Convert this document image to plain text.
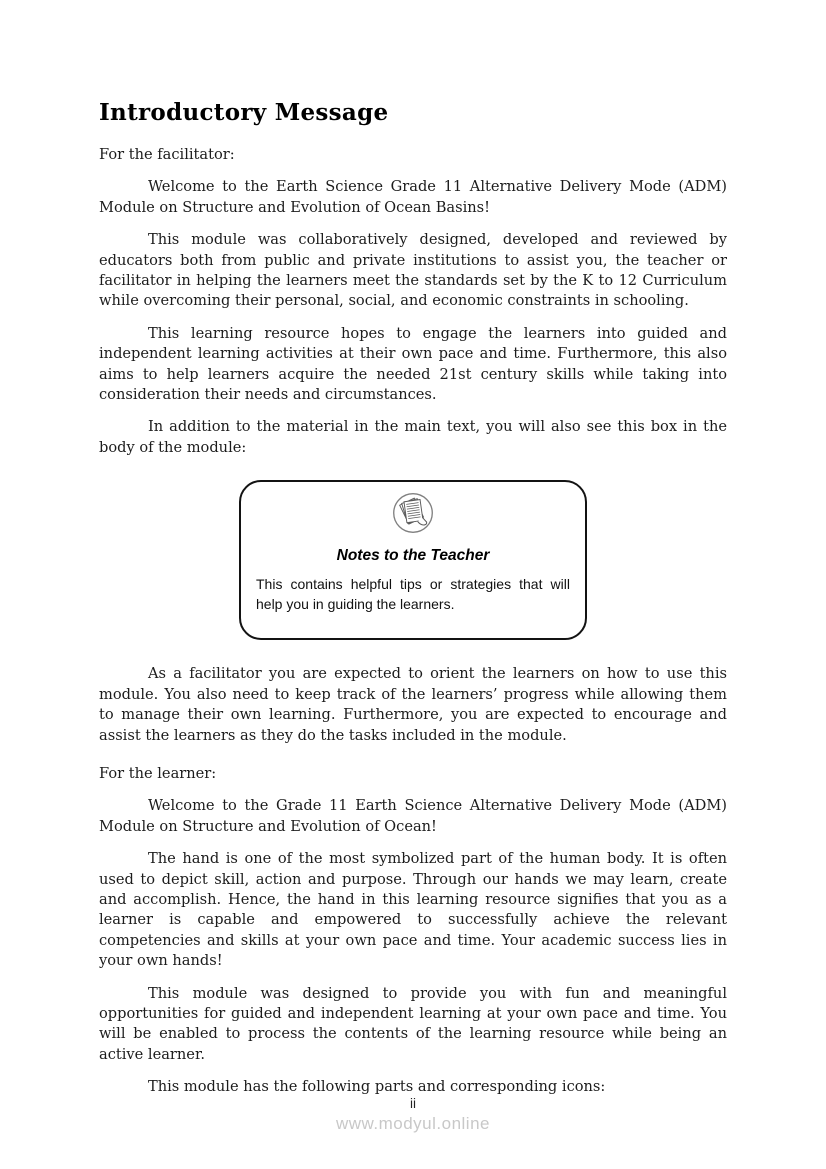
Introductory Message

For the facilitator:

Welcome to the Earth Science Grade 11 Alternative Delivery Mode (ADM) Module on Structure and Evolution of Ocean Basins!

This module was collaboratively designed, developed and reviewed by educators both from public and private institutions to assist you, the teacher or facilitator in helping the learners meet the standards set by the K to 12 Curriculum while overcoming their personal, social, and economic constraints in schooling.

This learning resource hopes to engage the learners into guided and independent learning activities at their own pace and time. Furthermore, this also aims to help learners acquire the needed 21st century skills while taking into consideration their needs and circumstances.

In addition to the material in the main text, you will also see this box in the body of the module:

Notes to the Teacher
This contains helpful tips or strategies that will help you in guiding the learners.

As a facilitator you are expected to orient the learners on how to use this module. You also need to keep track of the learners’ progress while allowing them to manage their own learning. Furthermore, you are expected to encourage and assist the learners as they do the tasks included in the module.

For the learner:

Welcome to the Grade 11 Earth Science Alternative Delivery Mode (ADM) Module on Structure and Evolution of Ocean!

The hand is one of the most symbolized part of the human body. It is often used to depict skill, action and purpose. Through our hands we may learn, create and accomplish. Hence, the hand in this learning resource signifies that you as a learner is capable and empowered to successfully achieve the relevant competencies and skills at your own pace and time. Your academic success lies in your own hands!

This module was designed to provide you with fun and meaningful opportunities for guided and independent learning at your own pace and time. You will be enabled to process the contents of the learning resource while being an active learner.

This module has the following parts and corresponding icons:

ii
www.modyul.online
